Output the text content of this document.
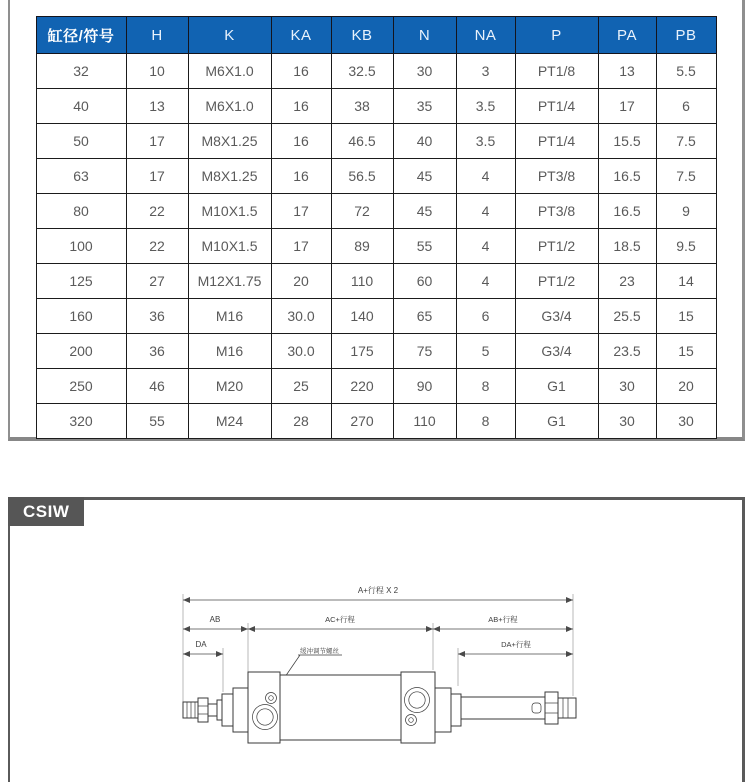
缸径/符号	H	K	KA	KB	N	NA	P	PA	PB
32	10	M6X1.0	16	32.5	30	3	PT1/8	13	5.5
40	13	M6X1.0	16	38	35	3.5	PT1/4	17	6
50	17	M8X1.25	16	46.5	40	3.5	PT1/4	15.5	7.5
63	17	M8X1.25	16	56.5	45	4	PT3/8	16.5	7.5
80	22	M10X1.5	17	72	45	4	PT3/8	16.5	9
100	22	M10X1.5	17	89	55	4	PT1/2	18.5	9.5
125	27	M12X1.75	20	110	60	4	PT1/2	23	14
160	36	M16	30.0	140	65	6	G3/4	25.5	15
200	36	M16	30.0	175	75	5	G3/4	23.5	15
250	46	M20	25	220	90	8	G1	30	20
320	55	M24	28	270	110	8	G1	30	30
CSIW
A+行程 X 2
AB	AC+行程	AB+行程
DA	DA+行程
缓冲调节螺丝
